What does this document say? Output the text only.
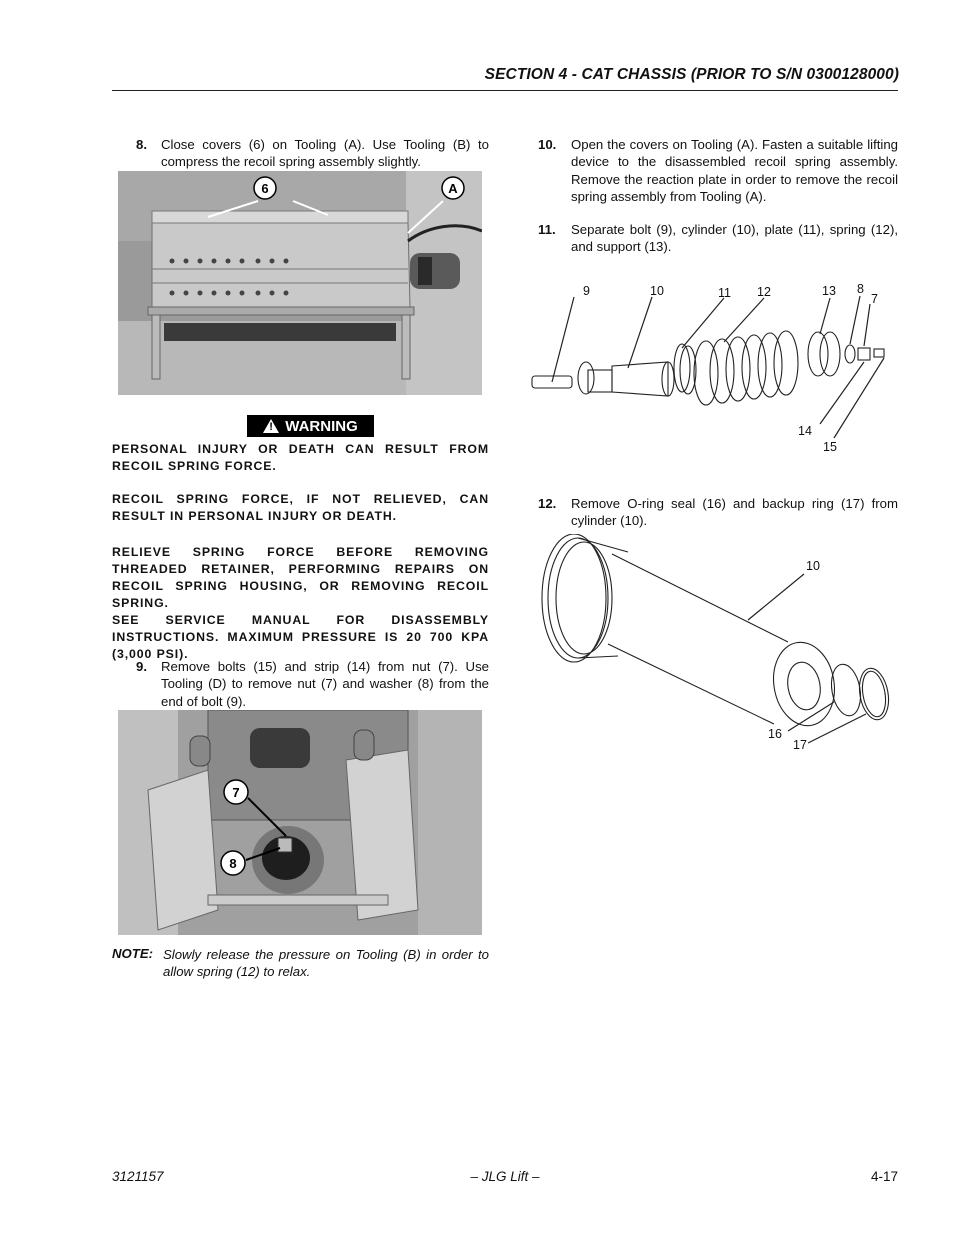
SECTION 4 - CAT CHASSIS (PRIOR TO S/N 0300128000)
8. Close covers (6) on Tooling (A). Use Tooling (B) to compress the recoil spring assembly slightly.
6	A
! WARNING
PERSONAL INJURY OR DEATH CAN RESULT FROM RECOIL SPRING FORCE.
RECOIL SPRING FORCE, IF NOT RELIEVED, CAN RESULT IN PERSONAL INJURY OR DEATH.
RELIEVE SPRING FORCE BEFORE REMOVING THREADED RETAINER, PERFORMING REPAIRS ON RECOIL SPRING HOUSING, OR REMOVING RECOIL SPRING.
SEE SERVICE MANUAL FOR DISASSEMBLY INSTRUCTIONS. MAXIMUM PRESSURE IS 20 700 KPA (3,000 PSI).
9. Remove bolts (15) and strip (14) from nut (7). Use Tooling (D) to remove nut (7) and washer (8) from the end of bolt (9).
7
8
NOTE: Slowly release the pressure on Tooling (B) in order to allow spring (12) to relax.
10. Open the covers on Tooling (A). Fasten a suitable lifting device to the disassembled recoil spring assembly. Remove the reaction plate in order to remove the recoil spring assembly from Tooling (A).
11. Separate bolt (9), cylinder (10), plate (11), spring (12), and support (13).
9	10	11 12	13 8
7
14
15
12. Remove O-ring seal (16) and backup ring (17) from cylinder (10).
10
16
17
3121157	– JLG Lift –	4-17
